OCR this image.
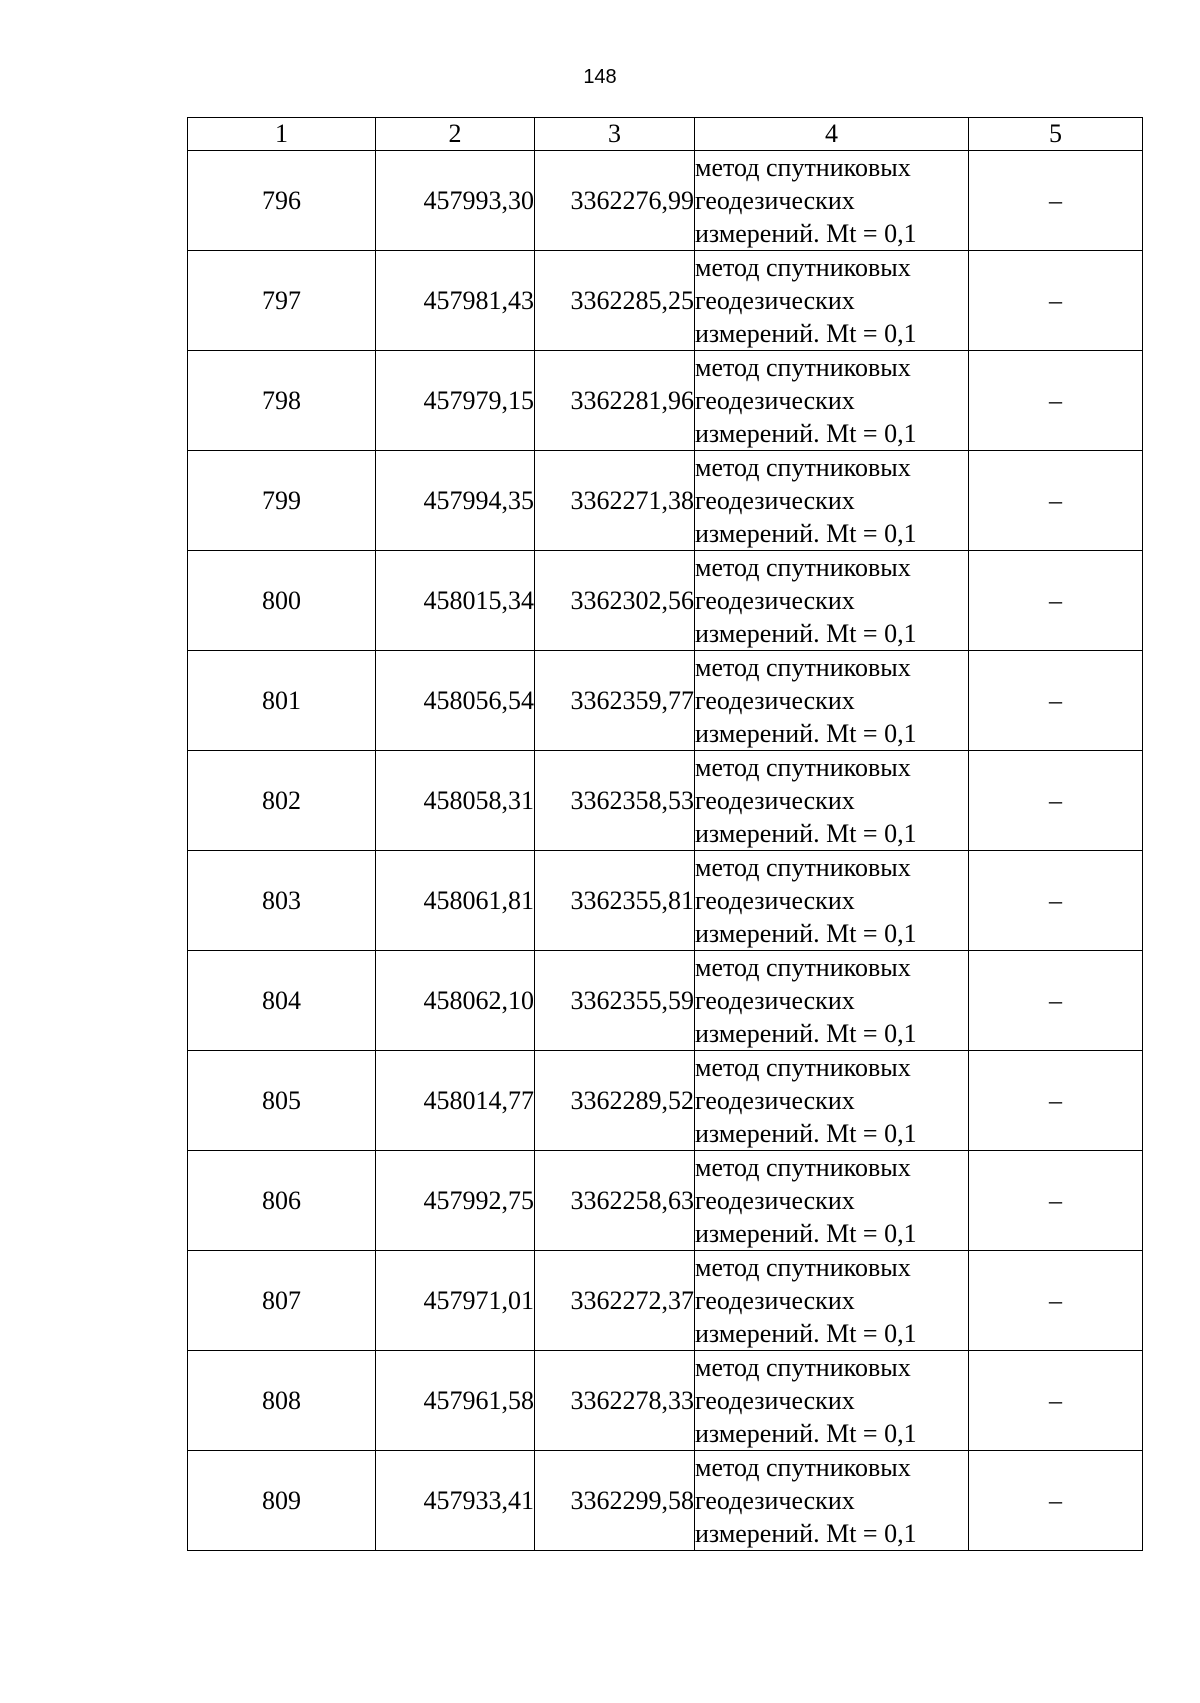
148
1	2	3	4	5
796	457993,30	3362276,99	метод спутниковых
геодезических
измерений. Mt = 0,1	–
797	457981,43	3362285,25	метод спутниковых
геодезических
измерений. Mt = 0,1	–
798	457979,15	3362281,96	метод спутниковых
геодезических
измерений. Mt = 0,1	–
799	457994,35	3362271,38	метод спутниковых
геодезических
измерений. Mt = 0,1	–
800	458015,34	3362302,56	метод спутниковых
геодезических
измерений. Mt = 0,1	–
801	458056,54	3362359,77	метод спутниковых
геодезических
измерений. Mt = 0,1	–
802	458058,31	3362358,53	метод спутниковых
геодезических
измерений. Mt = 0,1	–
803	458061,81	3362355,81	метод спутниковых
геодезических
измерений. Mt = 0,1	–
804	458062,10	3362355,59	метод спутниковых
геодезических
измерений. Mt = 0,1	–
805	458014,77	3362289,52	метод спутниковых
геодезических
измерений. Mt = 0,1	–
806	457992,75	3362258,63	метод спутниковых
геодезических
измерений. Mt = 0,1	–
807	457971,01	3362272,37	метод спутниковых
геодезических
измерений. Mt = 0,1	–
808	457961,58	3362278,33	метод спутниковых
геодезических
измерений. Mt = 0,1	–
809	457933,41	3362299,58	метод спутниковых
геодезических
измерений. Mt = 0,1	–
